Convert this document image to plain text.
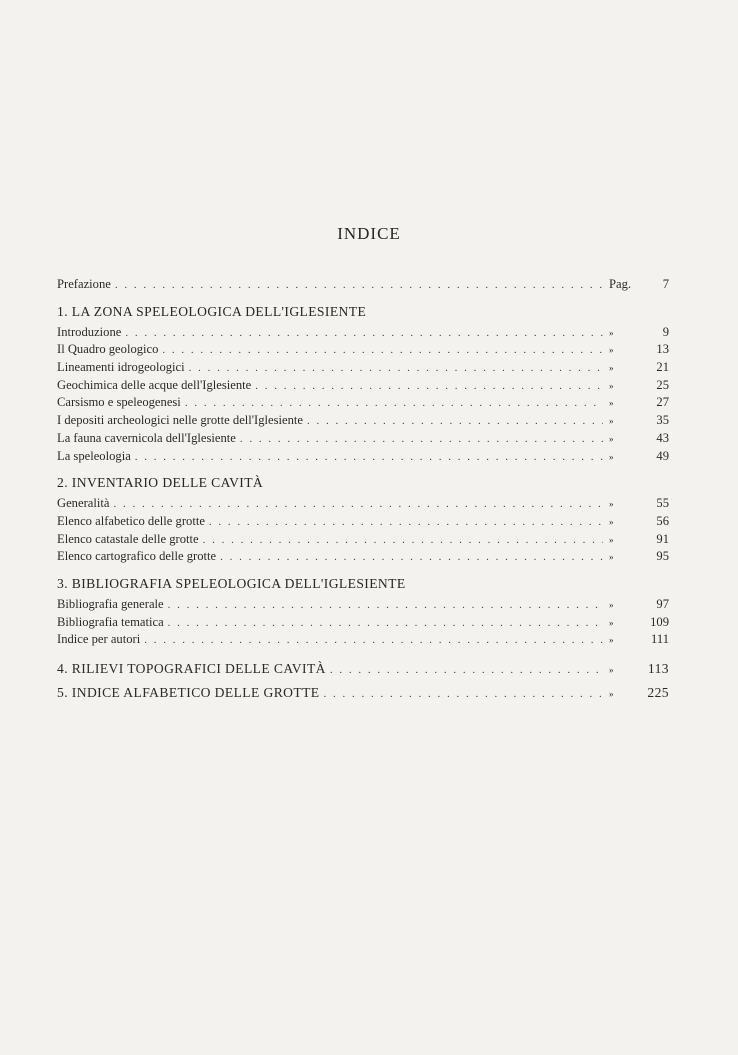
INDICE
Prefazione . . .	Pag.	7
1. LA ZONA SPELEOLOGICA DELL'IGLESIENTE
Introduzione . . .	»	9
Il Quadro geologico . . .	»	13
Lineamenti idrogeologici . . .	»	21
Geochimica delle acque dell'Iglesiente . . .	»	25
Carsismo e speleogenesi . . .	»	27
I depositi archeologici nelle grotte dell'Iglesiente . . .	»	35
La fauna cavernicola dell'Iglesiente . . .	»	43
La speleologia . . .	»	49
2. INVENTARIO DELLE CAVITÀ
Generalità . . .	»	55
Elenco alfabetico delle grotte . . .	»	56
Elenco catastale delle grotte . . .	»	91
Elenco cartografico delle grotte . . .	»	95
3. BIBLIOGRAFIA SPELEOLOGICA DELL'IGLESIENTE
Bibliografia generale . . .	»	97
Bibliografia tematica . . .	»	109
Indice per autori . . .	»	111
4. RILIEVI TOPOGRAFICI DELLE CAVITÀ . . .	»	113
5. INDICE ALFABETICO DELLE GROTTE . . .	»	225
